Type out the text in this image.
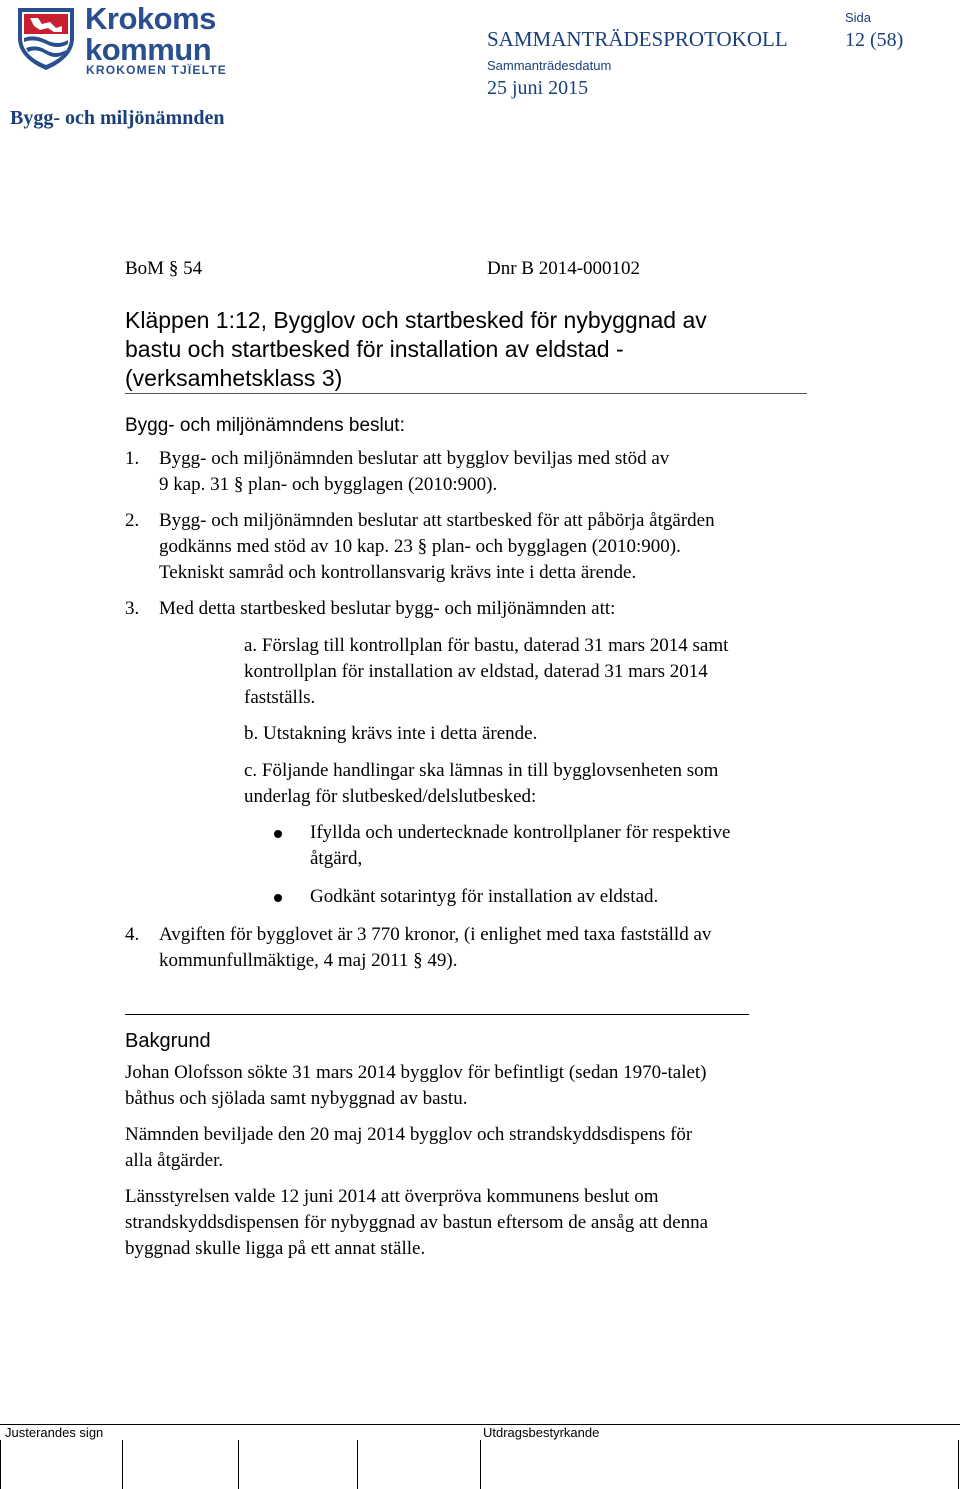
Krokoms
kommun
KROKOMEN TJÏELTE
SAMMANTRÄDESPROTOKOLL
Sida
12 (58)
Sammanträdesdatum
25 juni 2015
Bygg- och miljönämnden
BoM § 54	Dnr B 2014-000102
Kläppen 1:12, Bygglov och startbesked för nybyggnad av
bastu och startbesked för installation av eldstad -
(verksamhetsklass 3)
Bygg- och miljönämndens beslut:
1.	Bygg- och miljönämnden beslutar att bygglov beviljas med stöd av
9 kap. 31 § plan- och bygglagen (2010:900).
2.	Bygg- och miljönämnden beslutar att startbesked för att påbörja åtgärden
godkänns med stöd av 10 kap. 23 § plan- och bygglagen (2010:900).
Tekniskt samråd och kontrollansvarig krävs inte i detta ärende.
3.	Med detta startbesked beslutar bygg- och miljönämnden att:
a. Förslag till kontrollplan för bastu, daterad 31 mars 2014 samt
kontrollplan för installation av eldstad, daterad 31 mars 2014
fastställs.
b. Utstakning krävs inte i detta ärende.
c. Följande handlingar ska lämnas in till bygglovsenheten som
underlag för slutbesked/delslutbesked:
Ifyllda och undertecknade kontrollplaner för respektive
åtgärd,
Godkänt sotarintyg för installation av eldstad.
4.	Avgiften för bygglovet är 3 770 kronor, (i enlighet med taxa fastställd av
kommunfullmäktige, 4 maj 2011 § 49).
Bakgrund
Johan Olofsson sökte 31 mars 2014 bygglov för befintligt (sedan 1970-talet)
båthus och sjölada samt nybyggnad av bastu.
Nämnden beviljade den 20 maj 2014 bygglov och strandskyddsdispens för
alla åtgärder.
Länsstyrelsen valde 12 juni 2014 att överpröva kommunens beslut om
strandskyddsdispensen för nybyggnad av bastun eftersom de ansåg att denna
byggnad skulle ligga på ett annat ställe.
Justerandes sign	Utdragsbestyrkande
